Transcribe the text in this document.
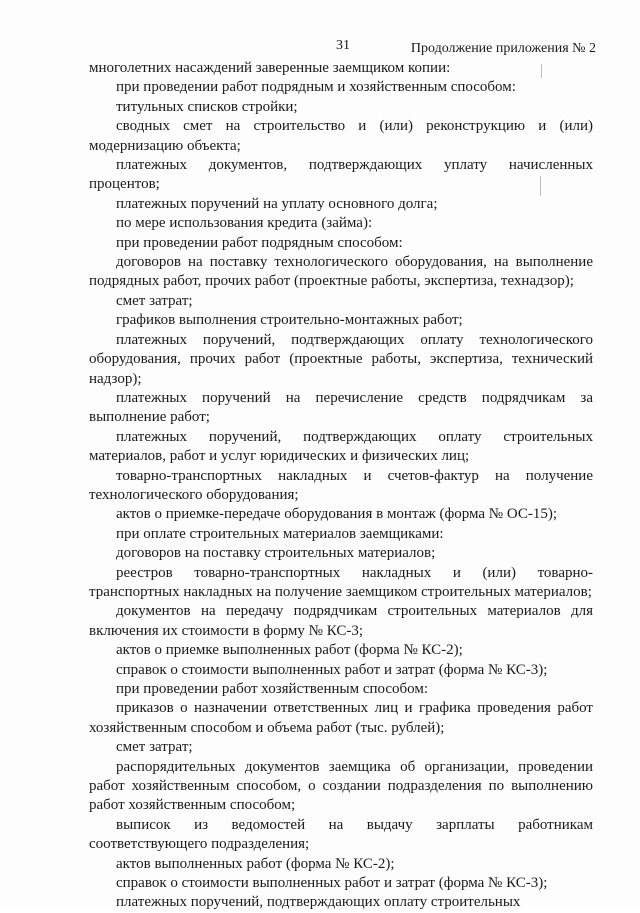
31	Продолжение приложения № 2

многолетних насаждений заверенные заемщиком копии:

при проведении работ подрядным и хозяйственным способом:

титульных списков стройки;

сводных смет на строительство и (или) реконструкцию и (или) модернизацию объекта;

платежных документов, подтверждающих уплату начисленных процентов;

платежных поручений на уплату основного долга;

по мере использования кредита (займа):

при проведении работ подрядным способом:

договоров на поставку технологического оборудования, на выполнение подрядных работ, прочих работ (проектные работы, экспертиза, технадзор);

смет затрат;

графиков выполнения строительно-монтажных работ;

платежных поручений, подтверждающих оплату технологического оборудования, прочих работ (проектные работы, экспертиза, технический надзор);

платежных поручений на перечисление средств подрядчикам за выполнение работ;

платежных поручений, подтверждающих оплату строительных материалов, работ и услуг юридических и физических лиц;

товарно-транспортных накладных и счетов-фактур на получение технологического оборудования;

актов о приемке-передаче оборудования в монтаж (форма № ОС-15);

при оплате строительных материалов заемщиками:

договоров на поставку строительных материалов;

реестров товарно-транспортных накладных и (или) товарно-транспортных накладных на получение заемщиком строительных материалов;

документов на передачу подрядчикам строительных материалов для включения их стоимости в форму № КС-3;

актов о приемке выполненных работ (форма № КС-2);

справок о стоимости выполненных работ и затрат (форма № КС-3);

при проведении работ хозяйственным способом:

приказов о назначении ответственных лиц и графика проведения работ хозяйственным способом и объема работ (тыс. рублей);

смет затрат;

распорядительных документов заемщика об организации, проведении работ хозяйственным способом, о создании подразделения по выполнению работ хозяйственным способом;

выписок из ведомостей на выдачу зарплаты работникам соответствующего подразделения;

актов выполненных работ (форма № КС-2);

справок о стоимости выполненных работ и затрат (форма № КС-3);

платежных поручений, подтверждающих оплату строительных
